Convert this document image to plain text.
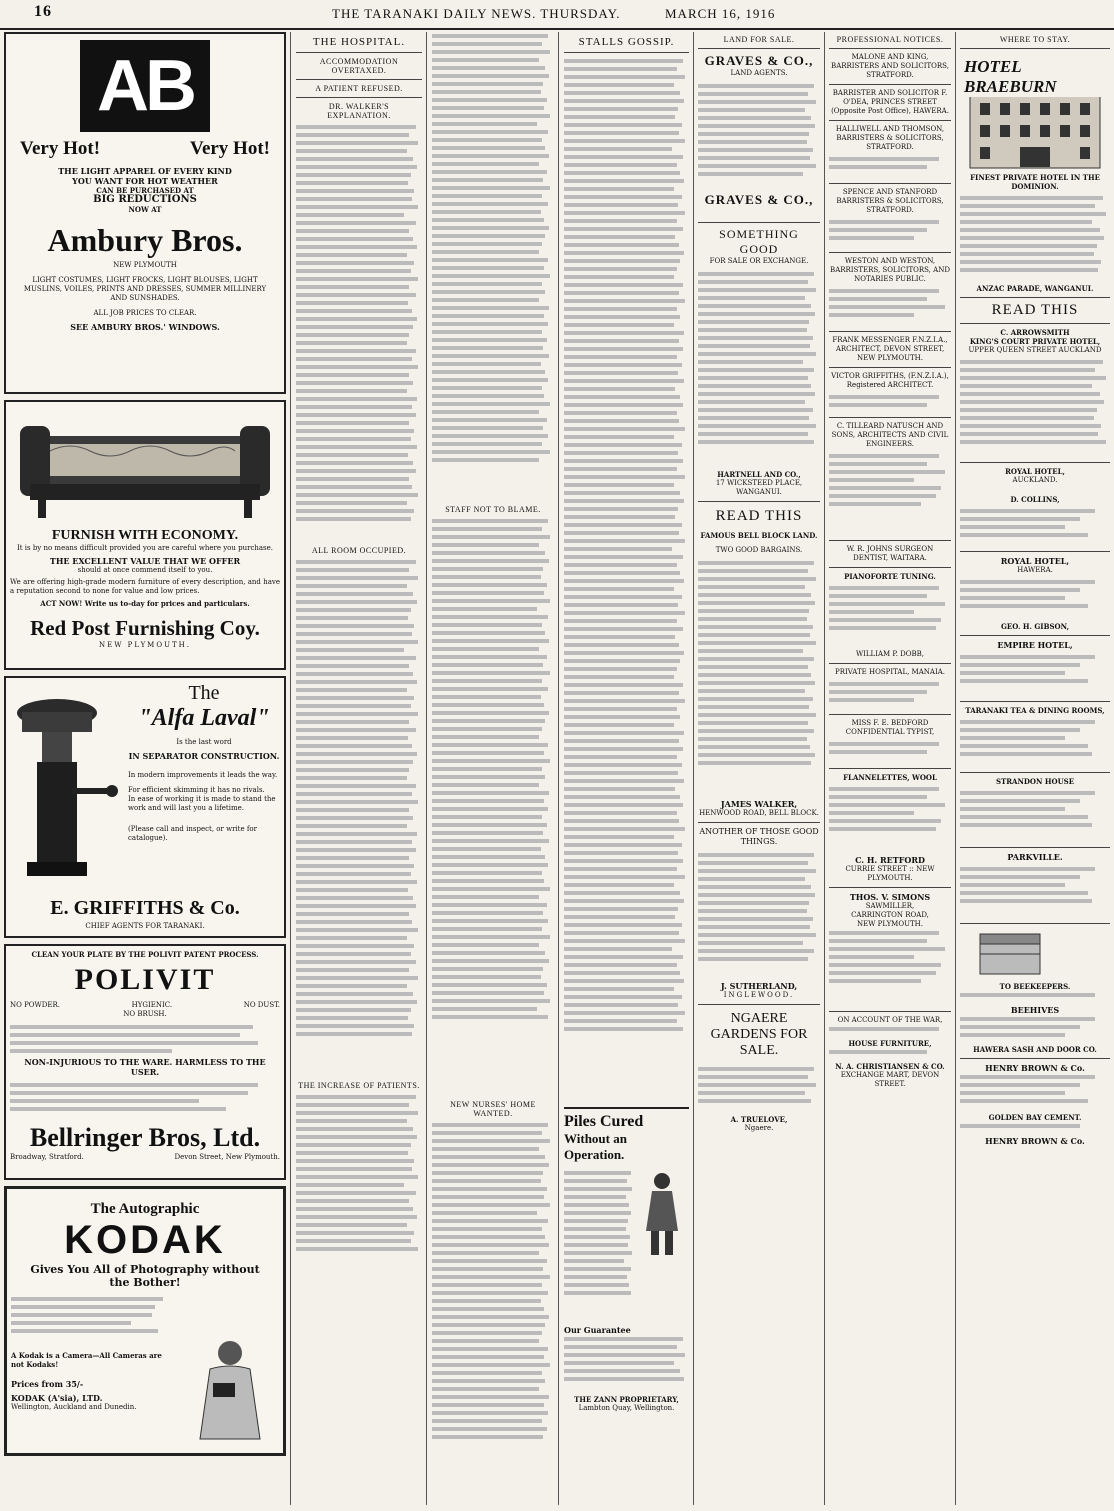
16	THE TARANAKI DAILY NEWS. THURSDAY.	MARCH 16, 1916
AB
Very Hot!	Very Hot!
THE LIGHT APPAREL OF EVERY KIND
YOU WANT FOR HOT WEATHER
CAN BE PURCHASED AT
BIG REDUCTIONS
NOW AT
Ambury Bros.
NEW PLYMOUTH
LIGHT COSTUMES, LIGHT FROCKS, LIGHT BLOUSES, LIGHT MUSLINS, VOILES, PRINTS AND DRESSES, SUMMER MILLINERY AND SUNSHADES.
ALL JOB PRICES TO CLEAR.
SEE AMBURY BROS.' WINDOWS.
FURNISH WITH ECONOMY.
It is by no means difficult provided you are careful where you purchase.
THE EXCELLENT VALUE THAT WE OFFER
should at once commend itself to you.
We are offering high-grade modern furniture of every description, and have a reputation second to none for value and low prices.
ACT NOW! Write us to-day for prices and particulars.
Red Post Furnishing Coy.
NEW PLYMOUTH.
The
"Alfa Laval"
Is the last word
IN SEPARATOR CONSTRUCTION.
In modern improvements it leads the way.
For efficient skimming it has no rivals.
In ease of working it is made to stand the work and will last you a lifetime.
(Please call and inspect, or write for catalogue).
E. GRIFFITHS & Co.
CHIEF AGENTS FOR TARANAKI.
CLEAN YOUR PLATE BY THE POLIVIT PATENT PROCESS.
POLIVIT
NO POWDER.	HYGIENIC.	NO DUST.
NO BRUSH.
NON-INJURIOUS TO THE WARE. HARMLESS TO THE USER.
Bellringer Bros, Ltd.
Broadway, Stratford.	Devon Street, New Plymouth.
The Autographic
KODAK
Gives You All of Photography without the Bother!
A Kodak is a Camera—All Cameras are not Kodaks!
Prices from 35/-
KODAK (A'sia), LTD.
Wellington, Auckland and Dunedin.
THE HOSPITAL.
ACCOMMODATION OVERTAXED.
A PATIENT REFUSED.
DR. WALKER'S EXPLANATION.
ALL ROOM OCCUPIED.
THE INCREASE OF PATIENTS.
STAFF NOT TO BLAME.
NEW NURSES' HOME WANTED.
STALLS GOSSIP.
Piles Cured
Without an Operation.
Our Guarantee
THE ZANN PROPRIETARY,
Lambton Quay, Wellington.
LAND FOR SALE.
GRAVES & CO.,
LAND AGENTS.
GRAVES & CO.,
SOMETHING GOOD
FOR SALE OR EXCHANGE.
HARTNELL AND CO.,
17 WICKSTEED PLACE, WANGANUI.
READ THIS
FAMOUS BELL BLOCK LAND.
TWO GOOD BARGAINS.
JAMES WALKER,
HENWOOD ROAD, BELL BLOCK.
ANOTHER OF THOSE GOOD THINGS.
J. SUTHERLAND,
INGLEWOOD.
NGAERE GARDENS FOR SALE.
A. TRUELOVE,
Ngaere.
PROFESSIONAL NOTICES.
MALONE AND KING, BARRISTERS AND SOLICITORS, STRATFORD.
BARRISTER AND SOLICITOR F. O'DEA, PRINCES STREET (Opposite Post Office), HAWERA.
HALLIWELL AND THOMSON, BARRISTERS & SOLICITORS, STRATFORD.
SPENCE AND STANFORD BARRISTERS & SOLICITORS, STRATFORD.
WESTON AND WESTON, BARRISTERS, SOLICITORS, AND NOTARIES PUBLIC.
FRANK MESSENGER F.N.Z.I.A., ARCHITECT, DEVON STREET, NEW PLYMOUTH.
VICTOR GRIFFITHS, (F.N.Z.I.A.), Registered ARCHITECT.
C. TILLEARD NATUSCH AND SONS, ARCHITECTS AND CIVIL ENGINEERS.
W. R. JOHNS SURGEON DENTIST, WAITARA.
PIANOFORTE TUNING.
WILLIAM P. DOBB,
PRIVATE HOSPITAL, MANAIA.
MISS F. E. BEDFORD CONFIDENTIAL TYPIST,
FLANNELETTES, WOOL
C. H. RETFORD
CURRIE STREET :: NEW PLYMOUTH.
THOS. V. SIMONS
SAWMILLER,
CARRINGTON ROAD,
NEW PLYMOUTH.
ON ACCOUNT OF THE WAR,
HOUSE FURNITURE,
N. A. CHRISTIANSEN & CO.
EXCHANGE MART, DEVON STREET.
WHERE TO STAY.
HOTEL BRAEBURN
FINEST PRIVATE HOTEL IN THE DOMINION.
ANZAC PARADE, WANGANUI.
READ THIS
C. ARROWSMITH
KING'S COURT PRIVATE HOTEL,
UPPER QUEEN STREET AUCKLAND
ROYAL HOTEL,
AUCKLAND.
D. COLLINS,
ROYAL HOTEL,
HAWERA.
GEO. H. GIBSON,
EMPIRE HOTEL,
TARANAKI TEA & DINING ROOMS,
STRANDON HOUSE
PARKVILLE.
TO BEEKEEPERS.
BEEHIVES
HAWERA SASH AND DOOR CO.
HENRY BROWN & Co.
GOLDEN BAY CEMENT.
HENRY BROWN & Co.
